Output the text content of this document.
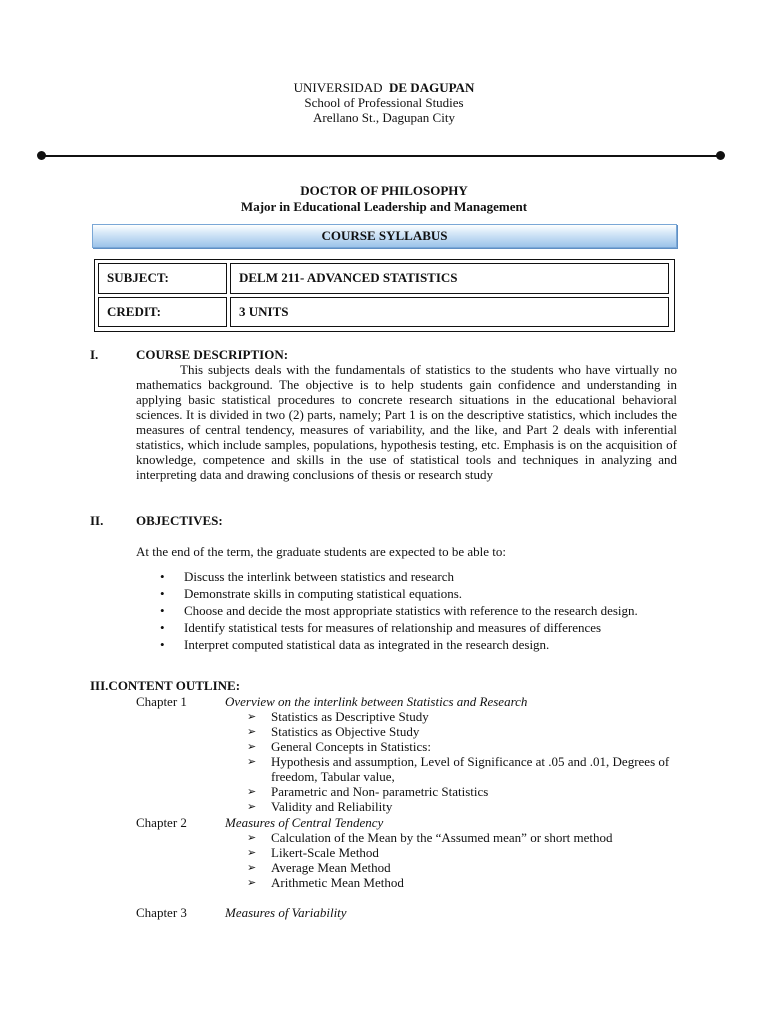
UNIVERSIDAD DE DAGUPAN
School of Professional Studies
Arellano St., Dagupan City
DOCTOR OF PHILOSOPHY
Major in Educational Leadership and Management
COURSE SYLLABUS
SUBJECT:	DELM 211- ADVANCED STATISTICS
CREDIT:	3 UNITS
I.	COURSE DESCRIPTION:

This subjects deals with the fundamentals of statistics to the students who have virtually no mathematics background. The objective is to help students gain confidence and understanding in applying basic statistical procedures to concrete research situations in the educational behavioral sciences. It is divided in two (2) parts, namely; Part 1 is on the descriptive statistics, which includes the measures of central tendency, measures of variability, and the like, and Part 2 deals with inferential statistics, which include samples, populations, hypothesis testing, etc. Emphasis is on the acquisition of knowledge, competence and skills in the use of statistical tools and techniques in analyzing and interpreting data and drawing conclusions of thesis or research study

II.	OBJECTIVES:
At the end of the term, the graduate students are expected to be able to:
• Discuss the interlink between statistics and research
• Demonstrate skills in computing statistical equations.
• Choose and decide the most appropriate statistics with reference to the research design.
• Identify statistical tests for measures of relationship and measures of differences
• Interpret computed statistical data as integrated in the research design.
III.CONTENT OUTLINE:
Chapter 1	Overview on the interlink between Statistics and Research
➢ Statistics as Descriptive Study
➢ Statistics as Objective Study
➢ General Concepts in Statistics:
➢ Hypothesis and assumption, Level of Significance at .05 and .01, Degrees of freedom, Tabular value,
➢ Parametric and Non- parametric Statistics
➢ Validity and Reliability
Chapter 2	Measures of Central Tendency
➢ Calculation of the Mean by the “Assumed mean” or short method
➢ Likert-Scale Method
➢ Average Mean Method
➢ Arithmetic Mean Method
Chapter 3	Measures of Variability
